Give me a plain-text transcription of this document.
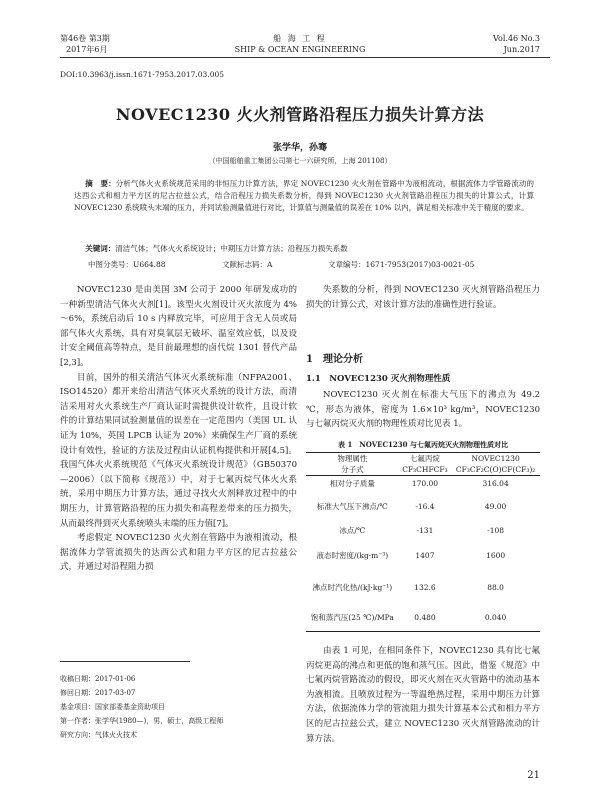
第46卷 第3期
2017年6月
船 海 工 程
SHIP & OCEAN ENGINEERING
Vol.46 No.3
Jun.2017
DOI:10.3963/j.issn.1671-7953.2017.03.005
NOVEC1230 火火剂管路沿程压力损失计算方法
张学华，孙骞
（中国船舶重工集团公司第七一六研究所，上海 201108）
摘　要：分析气体火火系统规范采用的非恒压力计算方法，界定 NOVEC1230 火火剂在管路中为液相流动，根据流体力学管路流动的达西公式和相力平方区的尼古拉兹公式，结合沿程压力损失系数分析，得到 NOVEC1230 火火剂管路沿程压力损失的计算公式，计算 NOVEC1230 系统喷头末端的压力，并同试验测量值进行对比，计算值与测量值的误差在 10% 以内，满足相关标准中关于精度的要求。
关键词：清洁气体；气体火火系统设计；中期压力计算方法；沿程压力损失系数
中图分类号：U664.88	文献标志码：A	文章编号：1671-7953(2017)03-0021-05

NOVEC1230 是由美国 3M 公司于 2000 年研发成功的一种新型清洁气体火火剂[1]。该型火火剂设计灭火浓度为 4%～6%，系统启动后 10 s 内释放完毕，可应用于含无人员或局部气体火火系统，具有对臭氧层无破坏、温室效应低，以及设计安全阈值高等特点，是目前最理想的卤代烷 1301 替代产品[2,3]。

目前，国外的相关清洁气体灭火系统标准（NFPA2001、ISO14520）都开来给出清洁气体灭火系统的设计方法，而清洁采用对火火系统生产厂商认证时需提供设计软件，且设计软件的计算结果同试验测量值的误差在一定范围内（美国 UL 认证为 10%，英国 LPCB 认证为 20%）来确保生产厂商的系统设计有效性，验证的方法及过程由认证机构提供和开展[4,5]。我国气体火火系统规范《气体灭火系统设计规范》（GB50370—2006）（以下简称《规范》）中，对于七氟丙烷气体火火系统，采用中期压力计算方法，通过寻找火火剂释放过程中的中期压力，计算管路沿程的压力损失和高程差带来的压力损失，从而最终得到灭火系统喷头末端的压力值[7]。

考虑假定 NOVEC1230 火火剂在管路中为液相流动，根据流体力学管流损失的达西公式和阻力平方区的尼古拉兹公式，并通过对沿程阻力损

收稿日期：2017-01-06
修回日期：2017-03-07
基金项目：国家部委基金资助项目
第一作者：张学华(1980—)，男，硕士，高级工程师
研究方向：气体火火技术

失系数的分析，得到 NOVEC1230 灭火剂管路沿程压力损失的计算公式，对该计算方法的准确性进行验证。

1　理论分析
1.1　NOVEC1230 灭火剂物理性质

NOVEC1230 灭火剂在标准大气压下的沸点为 49.2 ℃，形态为液体，密度为 1.6×10³ kg/m³，NOVEC1230 与七氟丙烷灭火剂的物理性质对比见表 1。

表 1　NOVEC1230 与七氟丙烷灭火剂物理性质对比
物理属性	七氟丙烷	NOVEC1230
分子式	CF₃CHFCF₃	CF₃CF₂C(O)CF(CF₃)₂
相对分子质量	170.00	316.04
标准大气压下沸点/℃	-16.4	49.00
冰点/℃	-131	-108
液态时密度/(kg·m⁻³)	1407	1600
沸点时汽化热/(kJ·kg⁻¹)	132.6	88.0
饱和蒸汽压(25 ℃)/MPa	0.480	0.040

由表 1 可见，在相同条件下，NOVEC1230 具有比七氟丙烷更高的沸点和更低的饱和蒸气压。因此，借鉴《规范》中七氟丙烷管路流动的假设，即灭火剂在灭火管路中的流动基本为液相流。且喷放过程为一等温绝热过程，采用中期压力计算方法，依据流体力学的管流阻力损失计算基本公式和相力平方区的尼古拉兹公式，建立 NOVEC1230 灭火剂管路流动的计算方法。

21
